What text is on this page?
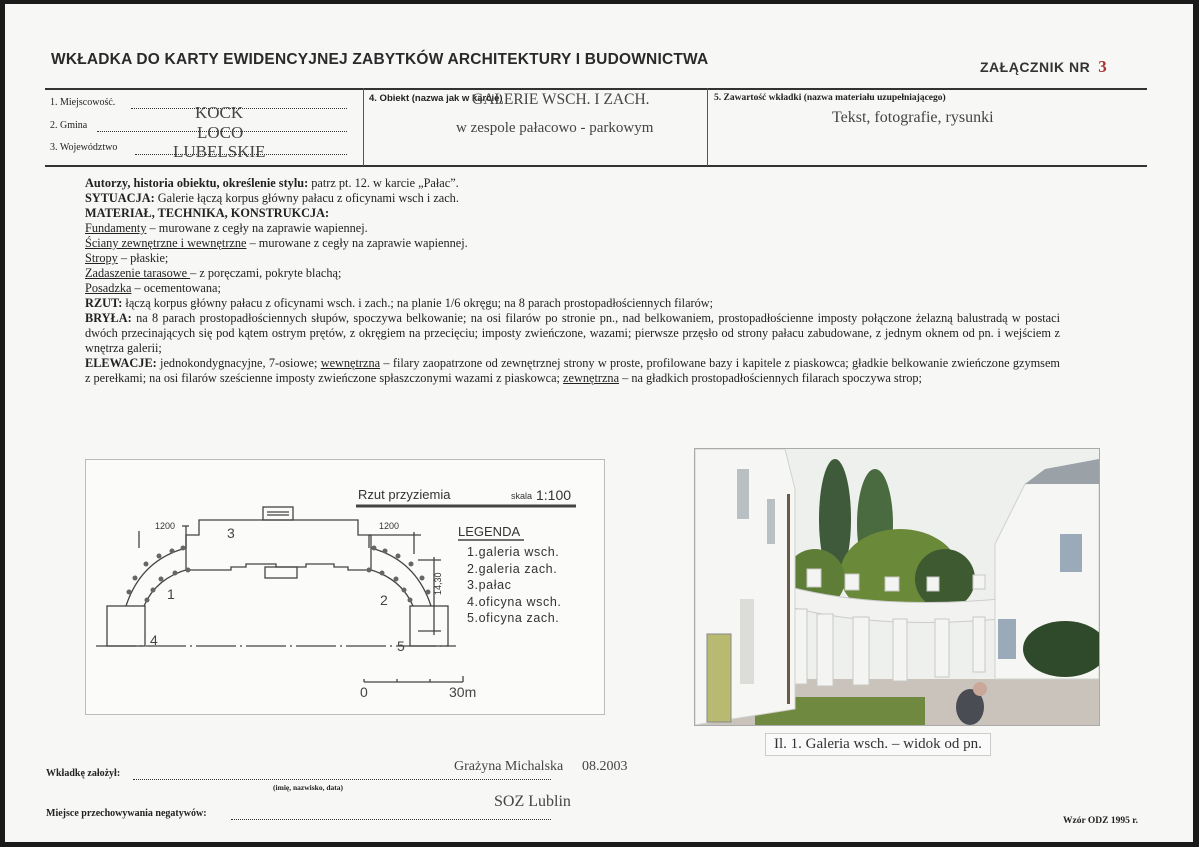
WKŁADKA DO KARTY EWIDENCYJNEJ ZABYTKÓW ARCHITEKTURY I BUDOWNICTWA	ZAŁĄCZNIK NR 3
1. Miejscowość.
KOCK
2. Gmina	LOCO
3. Województwo	LUBELSKIE
4. Obiekt (nazwa jak w karcie)
GALERIE WSCH. I ZACH.
w zespole pałacowo - parkowym
5. Zawartość wkładki (nazwa materiału uzupełniającego)
Tekst, fotografie, rysunki

Autorzy, historia obiektu, określenie stylu: patrz pt. 12. w karcie „Pałac”.

SYTUACJA: Galerie łączą korpus główny pałacu z oficynami wsch i zach.

MATERIAŁ, TECHNIKA, KONSTRUKCJA:

Fundamenty – murowane z cegły na zaprawie wapiennej.

Ściany zewnętrzne i wewnętrzne – murowane z cegły na zaprawie wapiennej.

Stropy – płaskie;

Zadaszenie tarasowe – z poręczami, pokryte blachą;

Posadzka – ocementowana;

RZUT: łączą korpus główny pałacu z oficynami wsch. i zach.; na planie 1/6 okręgu; na 8 parach prostopadłościennych filarów;

BRYŁA: na 8 parach prostopadłościennych słupów, spoczywa belkowanie; na osi filarów po stronie pn., nad belkowaniem, prostopadłościenne imposty połączone żelazną balustradą w postaci dwóch przecinających się pod kątem ostrym prętów, z okręgiem na przecięciu; imposty zwieńczone, wazami; pierwsze przęsło od strony pałacu zabudowane, z jednym oknem od pn. i wejściem z wnętrza galerii;

ELEWACJE: jednokondygnacyjne, 7-osiowe; wewnętrzna – filary zaopatrzone od zewnętrznej strony w proste, profilowane bazy i kapitele z piaskowca; gładkie belkowanie zwieńczone gzymsem z perełkami; na osi filarów sześcienne imposty zwieńczone spłaszczonymi wazami z piaskowca; zewnętrzna – na gładkich prostopadłościennych filarach spoczywa strop;

Rzut przyziemia	skala 1:100
1200	1200
14,30
LEGENDA
1.galeria wsch.
2.galeria zach.
3.pałac
4.oficyna wsch.
5.oficyna zach.
1	2
3
4	5
0	30m
Il. 1. Galeria wsch. – widok od pn.
Wkładkę założył:	Grażyna Michalska 08.2003
(imię, nazwisko, data)
Miejsce przechowywania negatywów:
SOZ Lublin
Wzór ODZ 1995 r.
